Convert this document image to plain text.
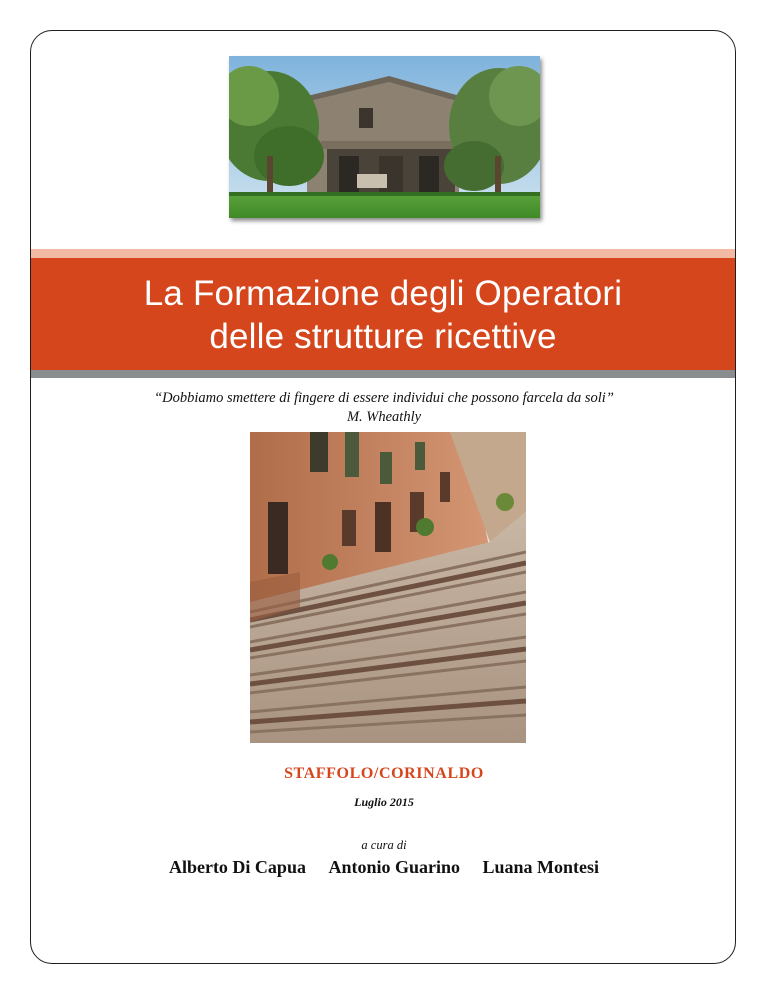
La Formazione degli Operatori
delle strutture ricettive
“Dobbiamo smettere di fingere di essere individui che possono farcela da soli”
M. Wheathly
STAFFOLO/CORINALDO
Luglio 2015
a cura di
Alberto Di Capua Antonio Guarino Luana Montesi
